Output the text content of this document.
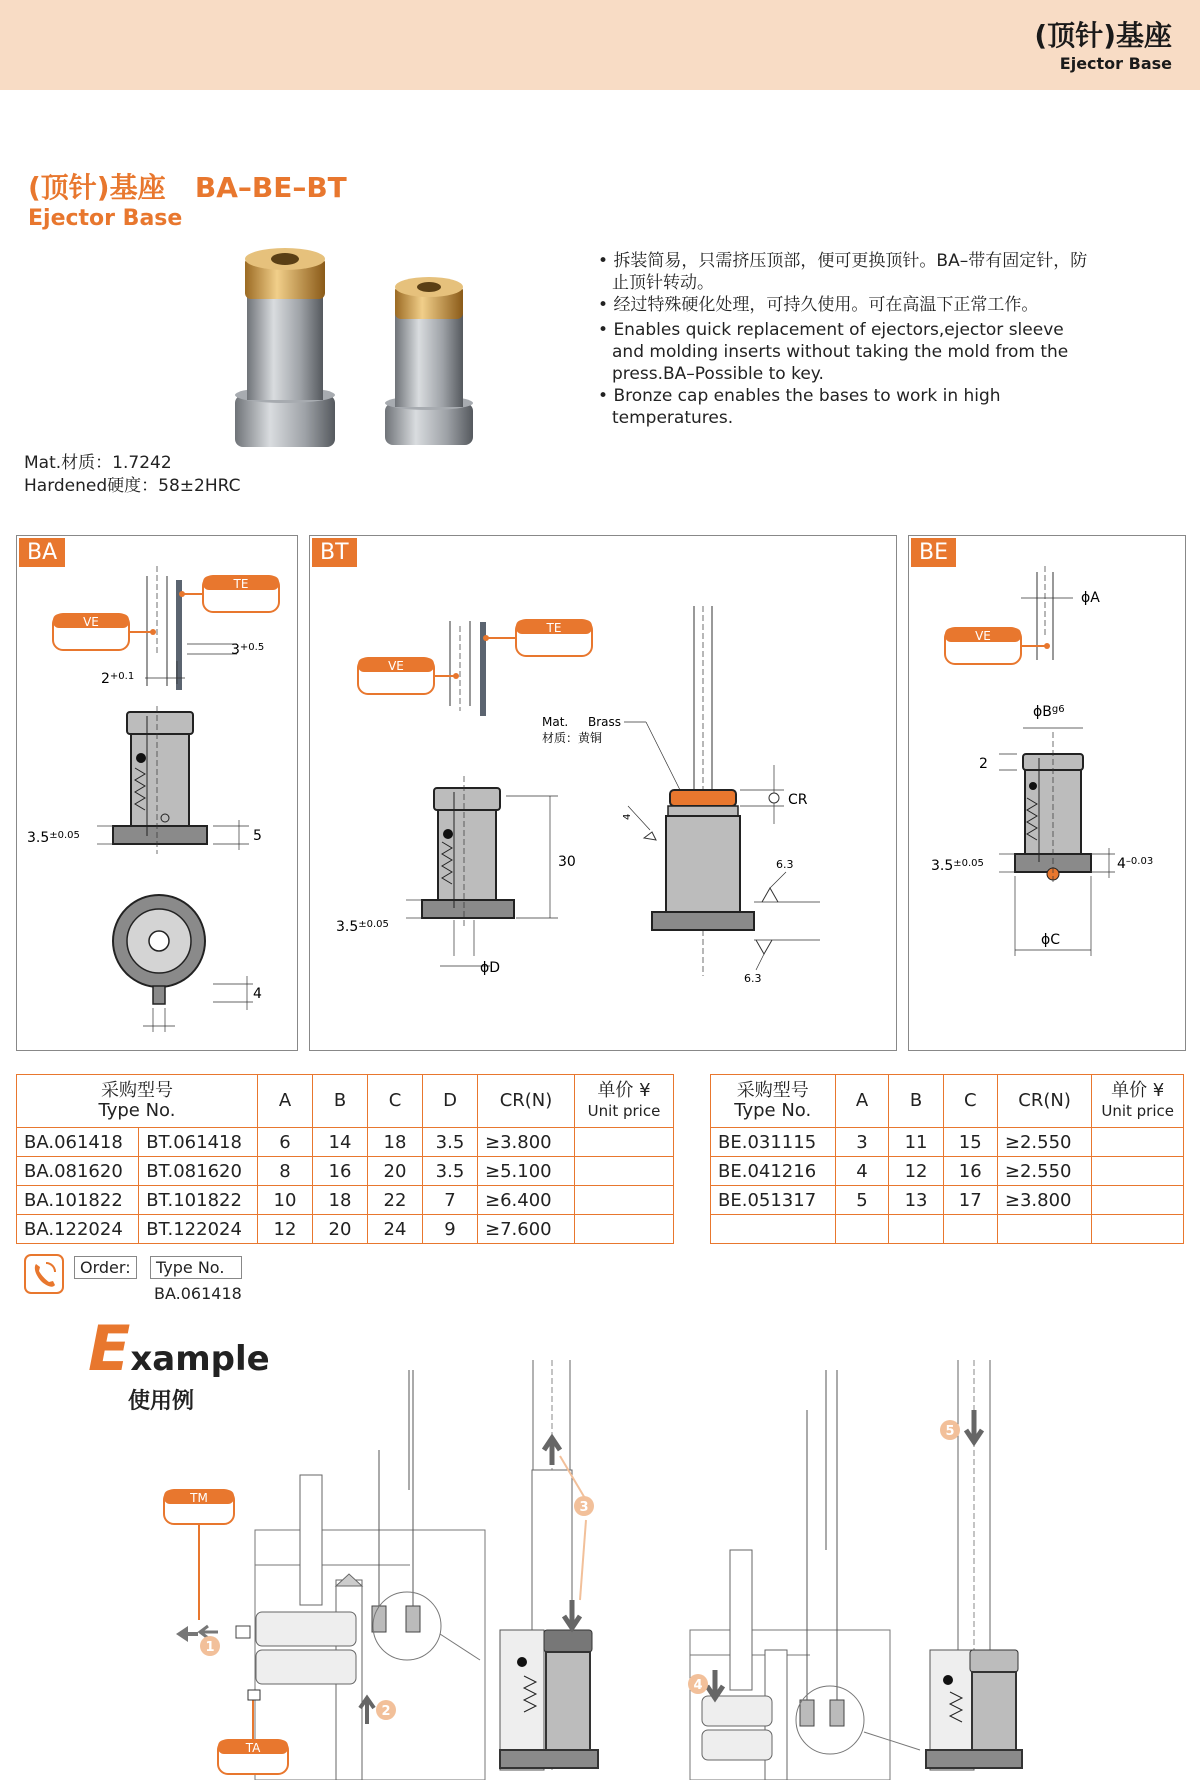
(顶针)基座
Ejector Base
(顶针)基座 BA–BE–BT
Ejector Base
• 拆装简易，只需挤压顶部，便可更换顶针。BA–带有固定针，防止顶针转动。
• 经过特殊硬化处理，可持久使用。可在高温下正常工作。
• Enables quick replacement of ejectors,ejector sleeve and molding inserts without taking the mold from the press.BA–Possible to key.
• Bronze cap enables the bases to work in high temperatures.
Mat.材质：1.7242
Hardened硬度：58±2HRC
BA
TE
VE
$3^{+0.5}$
$2^{+0.1}$
$3.5^{\pm 0.05}$	5
4
BT
TE
VE
30
$3.5^{\pm 0.05}$
ϕD
Mat. Brass
材质：黄铜
CR
4
6.3
6.3
BE
ϕA
VE
$\phi B^{g6}$
2
$3.5^{\pm 0.05}$	$4^{-0.03}$
ϕC
采购型号
Type No.		A	B	C	D	CR(N)	单价 ¥
Unit price
BA.061418	BT.061418	6	14	18	3.5	≥3.800	
BA.081620	BT.081620	8	16	20	3.5	≥5.100	
BA.101822	BT.101822	10	18	22	7	≥6.400	
BA.122024	BT.122024	12	20	24	9	≥7.600	
采购型号
Type No.	A	B	C	CR(N)	单价 ¥
Unit price
BE.031115	3	11	15	≥2.550	
BE.041216	4	12	16	≥2.550	
BE.051317	5	13	17	≥3.800	

Order:	Type No.
BA.061418
Example
使用例
TM
TA
1
2
3
4
5
